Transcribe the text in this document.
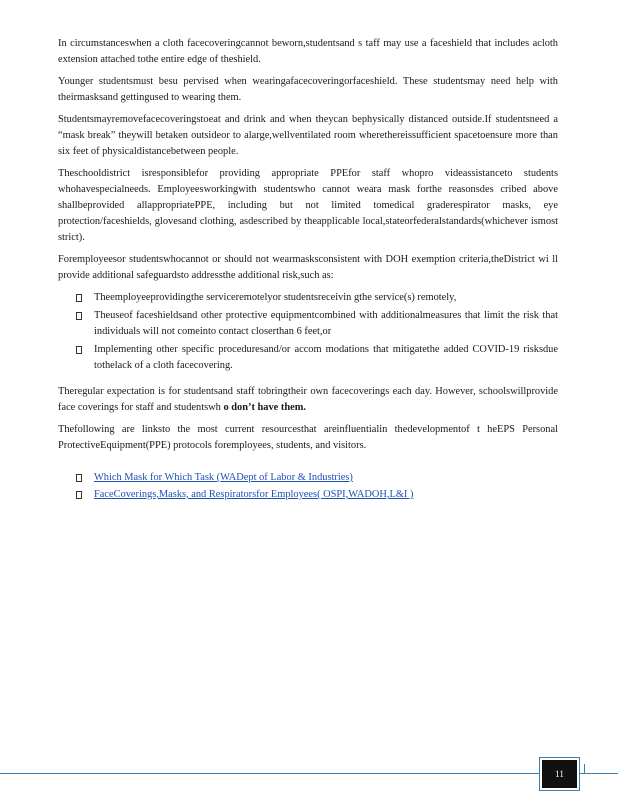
In circumstanceswhen a cloth facecoveringcannot beworn,studentsand s taff may use a faceshield that includes acloth extension attached tothe entire edge of theshield.

Younger studentsmust besu pervised when wearingafacecoveringorfaceshield. These studentsmay need help with theirmasksand gettingused to wearing them.

Studentsmayremovefacecoveringstoeat and drink and when theycan bephysically distanced outside.If studentsneed a “mask break” theywill betaken outsideor to alarge,wellventilated room wherethereissufficient spacetoensure more than six feet of physicaldistancebetween people.

Theschooldistrict isresponsiblefor providing appropriate PPEfor staff whopro videassistanceto students whohavespecialneeds. Employeesworkingwith studentswho cannot weara mask forthe reasonsdes cribed above shallbeprovided allappropriatePPE, including but not limited tomedical graderespirator masks, eye protection/faceshields, glovesand clothing, asdescribed by theapplicable local,stateorfederalstandards(whichever ismost strict).

Foremployeesor studentswhocannot or should not wearmasksconsistent with DOH exemption criteria,theDistrict wi ll provide additional safeguardsto addressthe additional risk,such as:

Theemployeeprovidingthe serviceremotelyor studentsreceivin gthe service(s) remotely,
Theuseof faceshieldsand other protective equipmentcombined with additionalmeasures that limit the risk that individuals will not comeinto contact closerthan 6 feet,or
Implementing other specific proceduresand/or accom modations that mitigatethe added COVID-19 risksdue tothelack of a cloth facecovering.

Theregular expectation is for studentsand staff tobringtheir own facecoverings each day. However, schoolswillprovide face coverings for staff and studentswh o don’t have them.

Thefollowing are linksto the most current resourcesthat areinfluentialin thedevelopmentof t heEPS Personal ProtectiveEquipment(PPE) protocols foremployees, students, and visitors.

Which Mask for Which Task (WADept of Labor & Industries)
FaceCoverings,Masks, and Respiratorsfor Employees( OSPI,WADOH,L&I )
11
